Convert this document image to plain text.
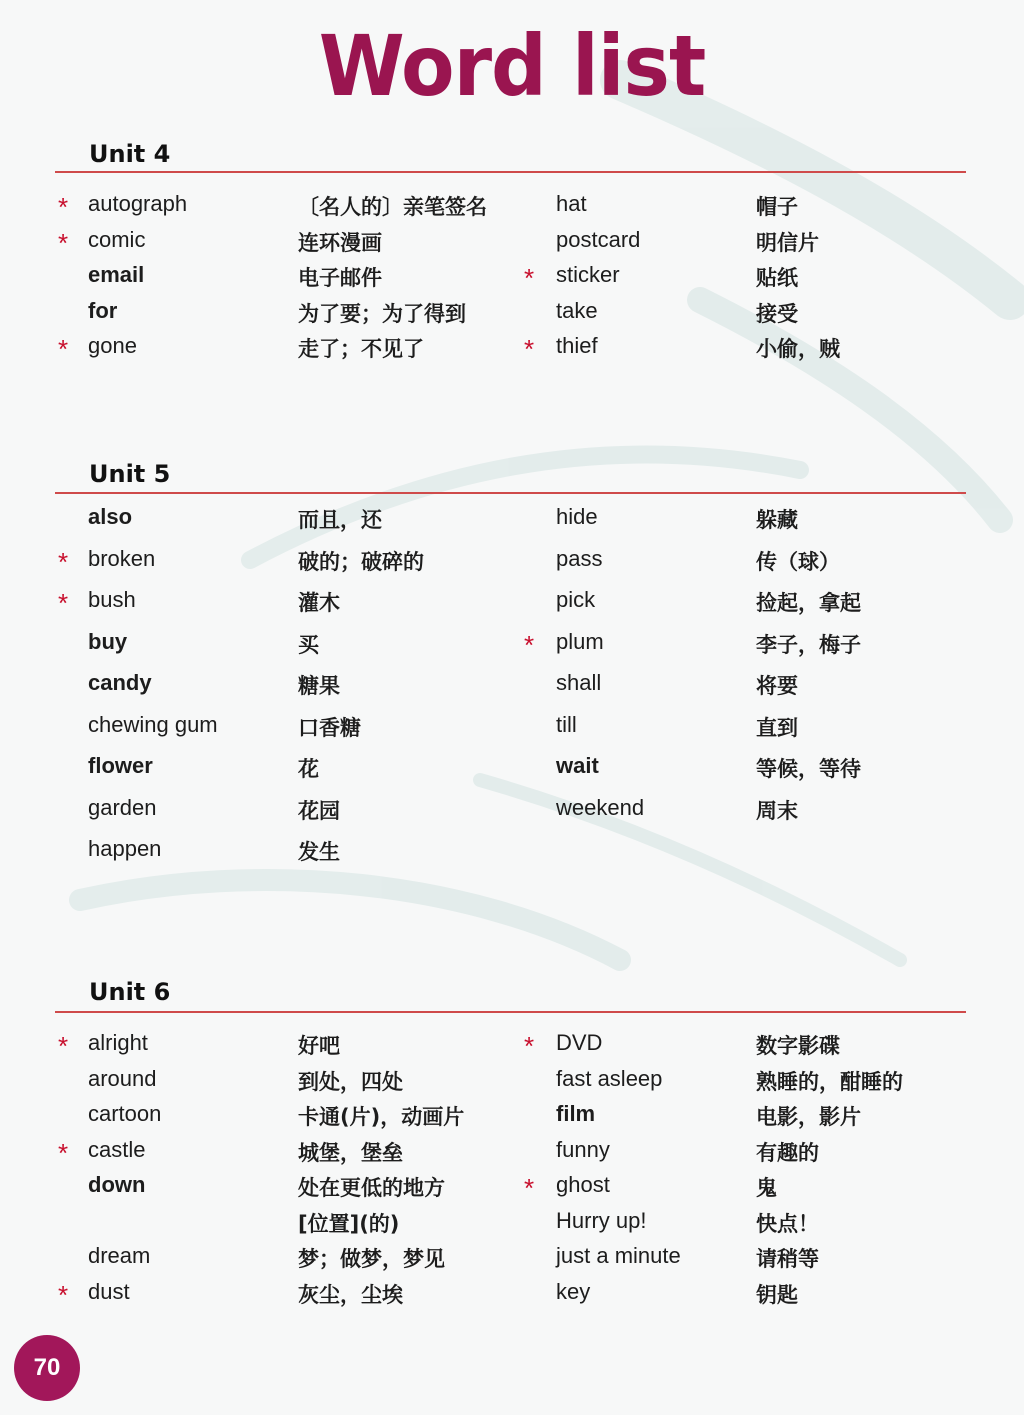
Word list
Unit 4
* autograph	〔名人的〕亲笔签名
* comic	连环漫画
email	电子邮件
for	为了要；为了得到
* gone	走了；不见了
hat	帽子
postcard	明信片
* sticker	贴纸
take	接受
* thief	小偷，贼
Unit 5
also	而且，还
* broken	破的；破碎的
* bush	灌木
buy	买
candy	糖果
chewing gum	口香糖
flower	花
garden	花园
happen	发生
hide	躲藏
pass	传（球）
pick	捡起，拿起
* plum	李子，梅子
shall	将要
till	直到
wait	等候，等待
weekend	周末
Unit 6
* alright	好吧
around	到处，四处
cartoon	卡通(片)，动画片
* castle	城堡，堡垒
down	处在更低的地方
[位置](的)
dream	梦；做梦，梦见
* dust	灰尘，尘埃
* DVD	数字影碟
fast asleep	熟睡的，酣睡的
film	电影，影片
funny	有趣的
* ghost	鬼
Hurry up!	快点！
just a minute	请稍等
key	钥匙
70
